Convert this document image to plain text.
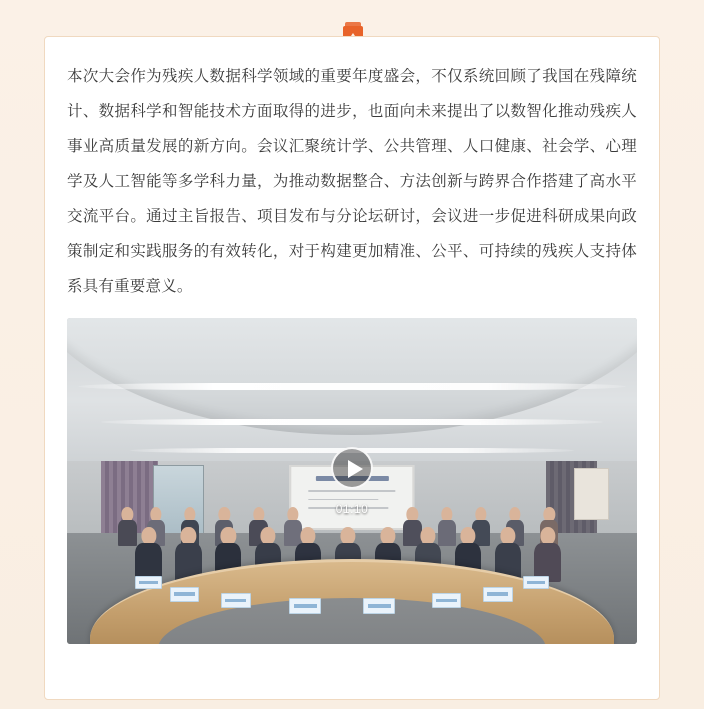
本次大会作为残疾人数据科学领域的重要年度盛会，不仅系统回顾了我国在残障统计、数据科学和智能技术方面取得的进步，也面向未来提出了以数智化推动残疾人事业高质量发展的新方向。会议汇聚统计学、公共管理、人口健康、社会学、心理学及人工智能等多学科力量，为推动数据整合、方法创新与跨界合作搭建了高水平交流平台。通过主旨报告、项目发布与分论坛研讨，会议进一步促进科研成果向政策制定和实践服务的有效转化，对于构建更加精准、公平、可持续的残疾人支持体系具有重要意义。

01:10
